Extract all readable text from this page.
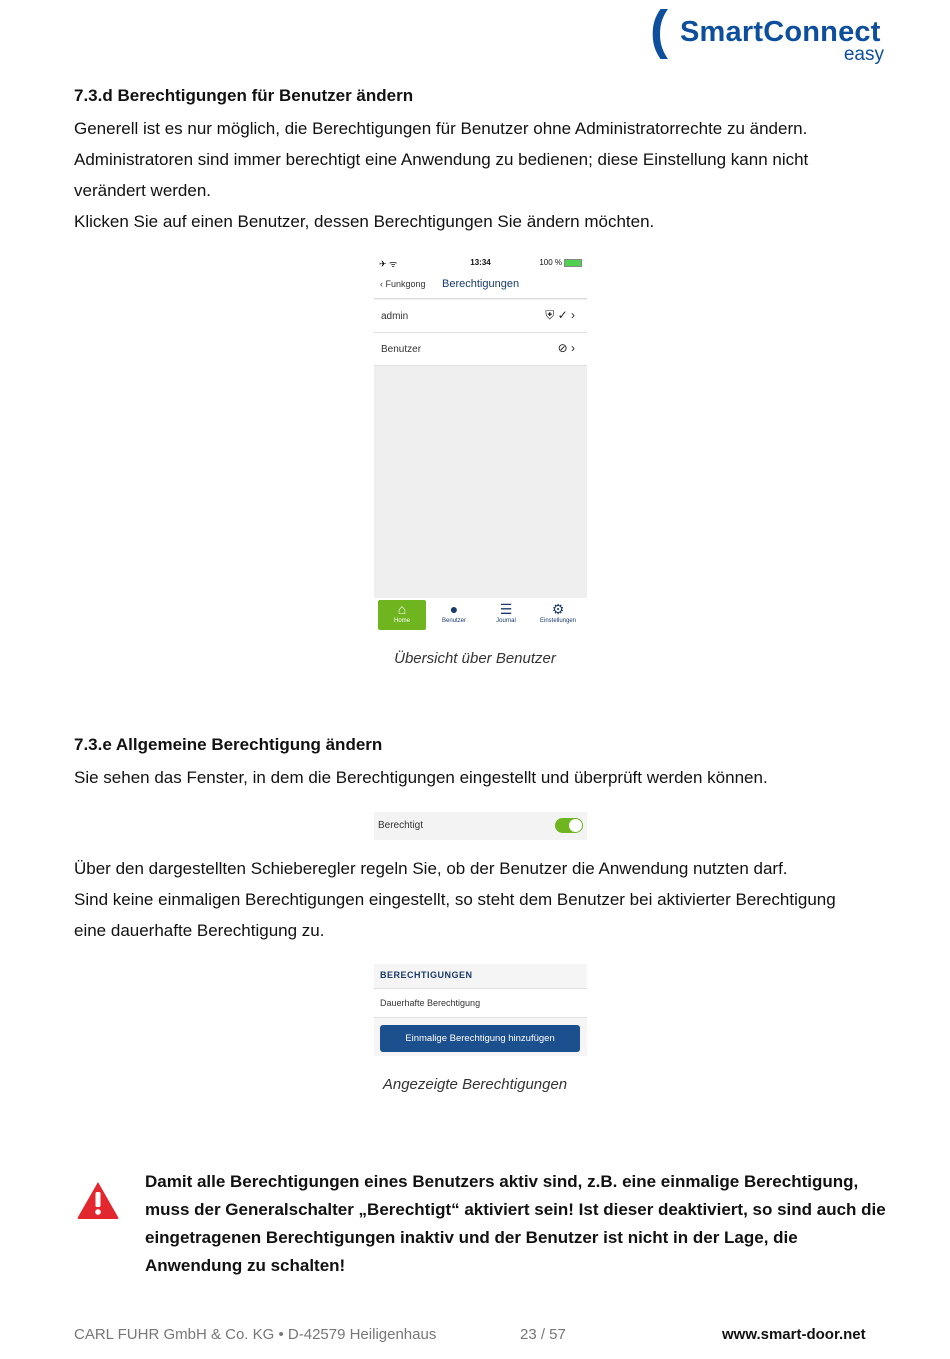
( SmartConnect
easy
7.3.d Berechtigungen für Benutzer ändern
Generell ist es nur möglich, die Berechtigungen für Benutzer ohne Administratorrechte zu ändern.
Administratoren sind immer berechtigt eine Anwendung zu bedienen; diese Einstellung kann nicht
verändert werden.
Klicken Sie auf einen Benutzer, dessen Berechtigungen Sie ändern möchten.
✈ ᯤ	13:34	100 %
‹ Funkgong Berechtigungen
admin	⛨ ✓ ›
Benutzer	⊘ ›
⌂
Home
●
Benutzer
☰
Journal
⚙
Einstellungen
Übersicht über Benutzer
7.3.e Allgemeine Berechtigung ändern
Sie sehen das Fenster, in dem die Berechtigungen eingestellt und überprüft werden können.
Berechtigt
Über den dargestellten Schieberegler regeln Sie, ob der Benutzer die Anwendung nutzten darf.
Sind keine einmaligen Berechtigungen eingestellt, so steht dem Benutzer bei aktivierter Berechtigung
eine dauerhafte Berechtigung zu.
BERECHTIGUNGEN
Dauerhafte Berechtigung
Einmalige Berechtigung hinzufügen
Angezeigte Berechtigungen
Damit alle Berechtigungen eines Benutzers aktiv sind, z.B. eine einmalige Berechtigung,
muss der Generalschalter „Berechtigt“ aktiviert sein! Ist dieser deaktiviert, so sind auch die
eingetragenen Berechtigungen inaktiv und der Benutzer ist nicht in der Lage, die
Anwendung zu schalten!
CARL FUHR GmbH & Co. KG • D-42579 Heiligenhaus	23 / 57	www.smart-door.net
